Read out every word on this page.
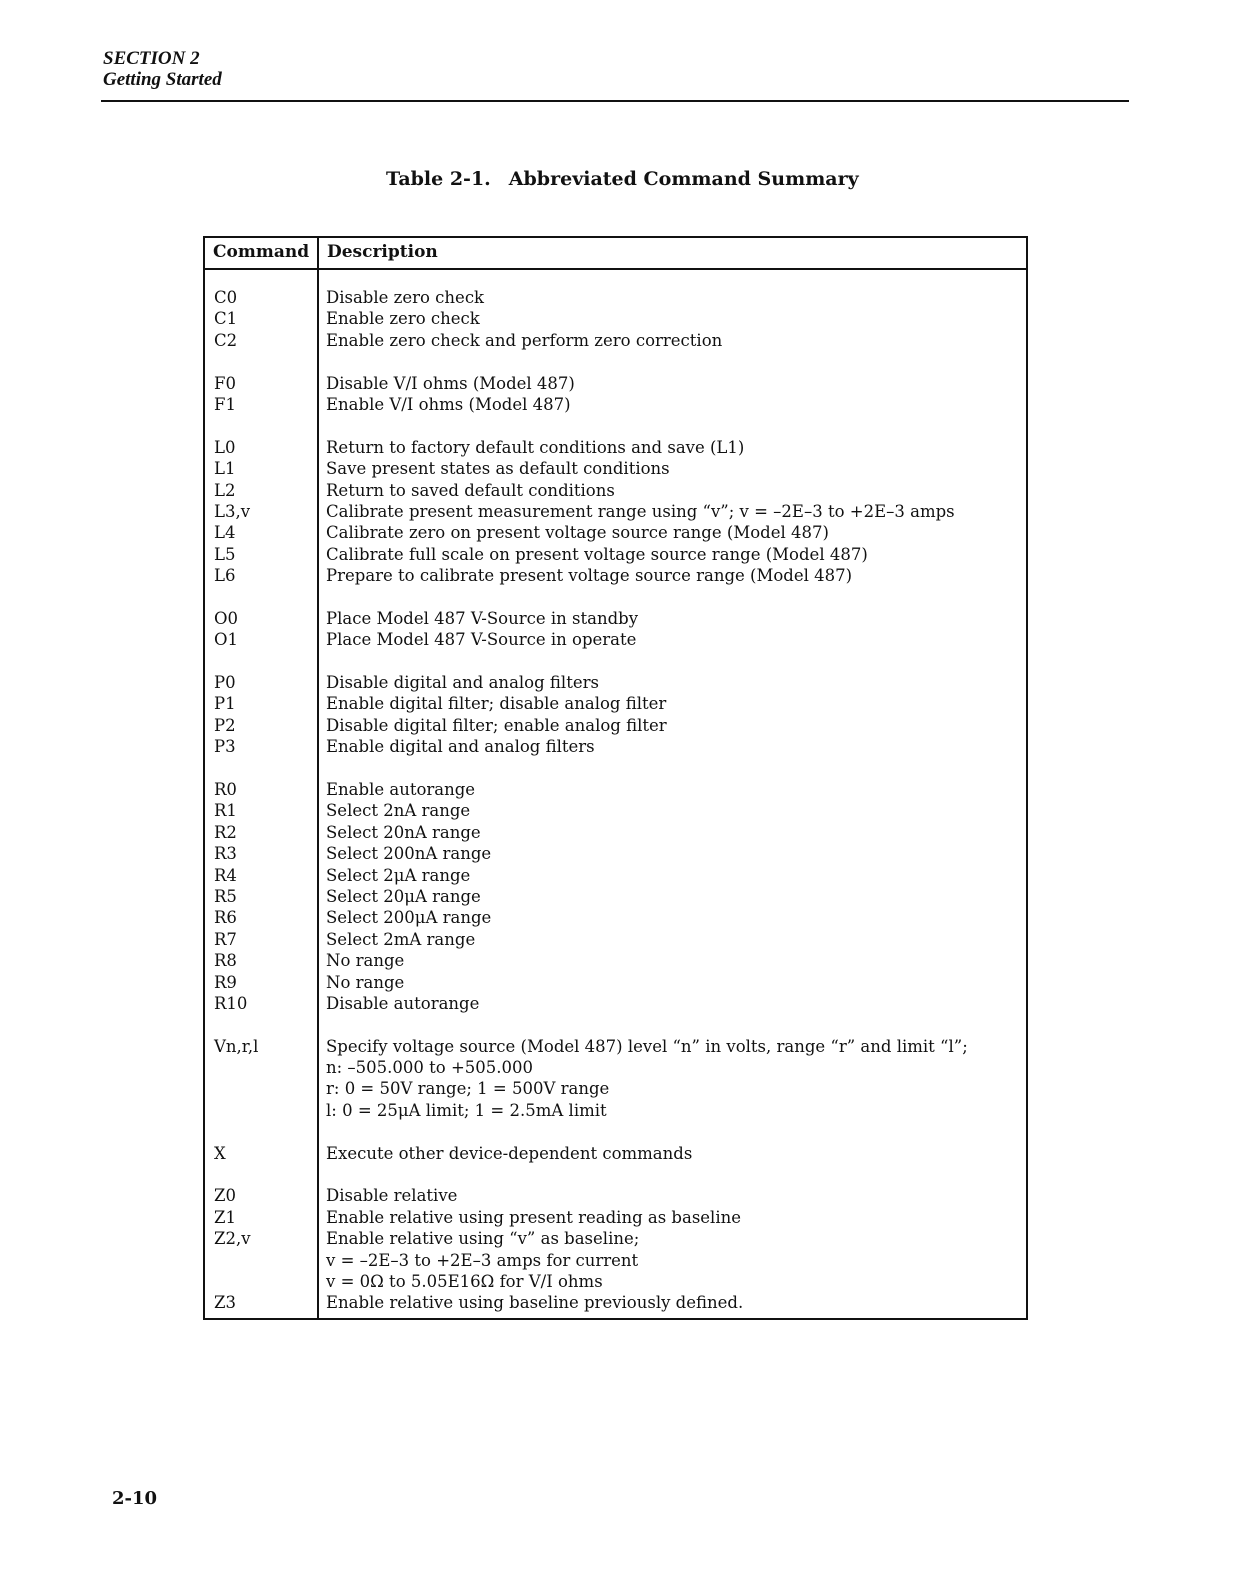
SECTION 2
Getting Started
Table 2-1. Abbreviated Command Summary
Command Description
C0	Disable zero check
C1	Enable zero check
C2	Enable zero check and perform zero correction
F0	Disable V/I ohms (Model 487)
F1	Enable V/I ohms (Model 487)
L0	Return to factory default conditions and save (L1)
L1	Save present states as default conditions
L2	Return to saved default conditions
L3,v	Calibrate present measurement range using “v”; v = –2E–3 to +2E–3 amps
L4	Calibrate zero on present voltage source range (Model 487)
L5	Calibrate full scale on present voltage source range (Model 487)
L6	Prepare to calibrate present voltage source range (Model 487)
O0	Place Model 487 V-Source in standby
O1	Place Model 487 V-Source in operate
P0	Disable digital and analog filters
P1	Enable digital filter; disable analog filter
P2	Disable digital filter; enable analog filter
P3	Enable digital and analog filters
R0	Enable autorange
R1	Select 2nA range
R2	Select 20nA range
R3	Select 200nA range
R4	Select 2μA range
R5	Select 20μA range
R6	Select 200μA range
R7	Select 2mA range
R8	No range
R9	No range
R10	Disable autorange
Vn,r,l	Specify voltage source (Model 487) level “n” in volts, range “r” and limit “l”;
n: –505.000 to +505.000
r: 0 = 50V range; 1 = 500V range
l: 0 = 25μA limit; 1 = 2.5mA limit
X	Execute other device-dependent commands
Z0	Disable relative
Z1	Enable relative using present reading as baseline
Z2,v	Enable relative using “v” as baseline;
v = –2E–3 to +2E–3 amps for current
v = 0Ω to 5.05E16Ω for V/I ohms
Z3	Enable relative using baseline previously defined.
2-10
